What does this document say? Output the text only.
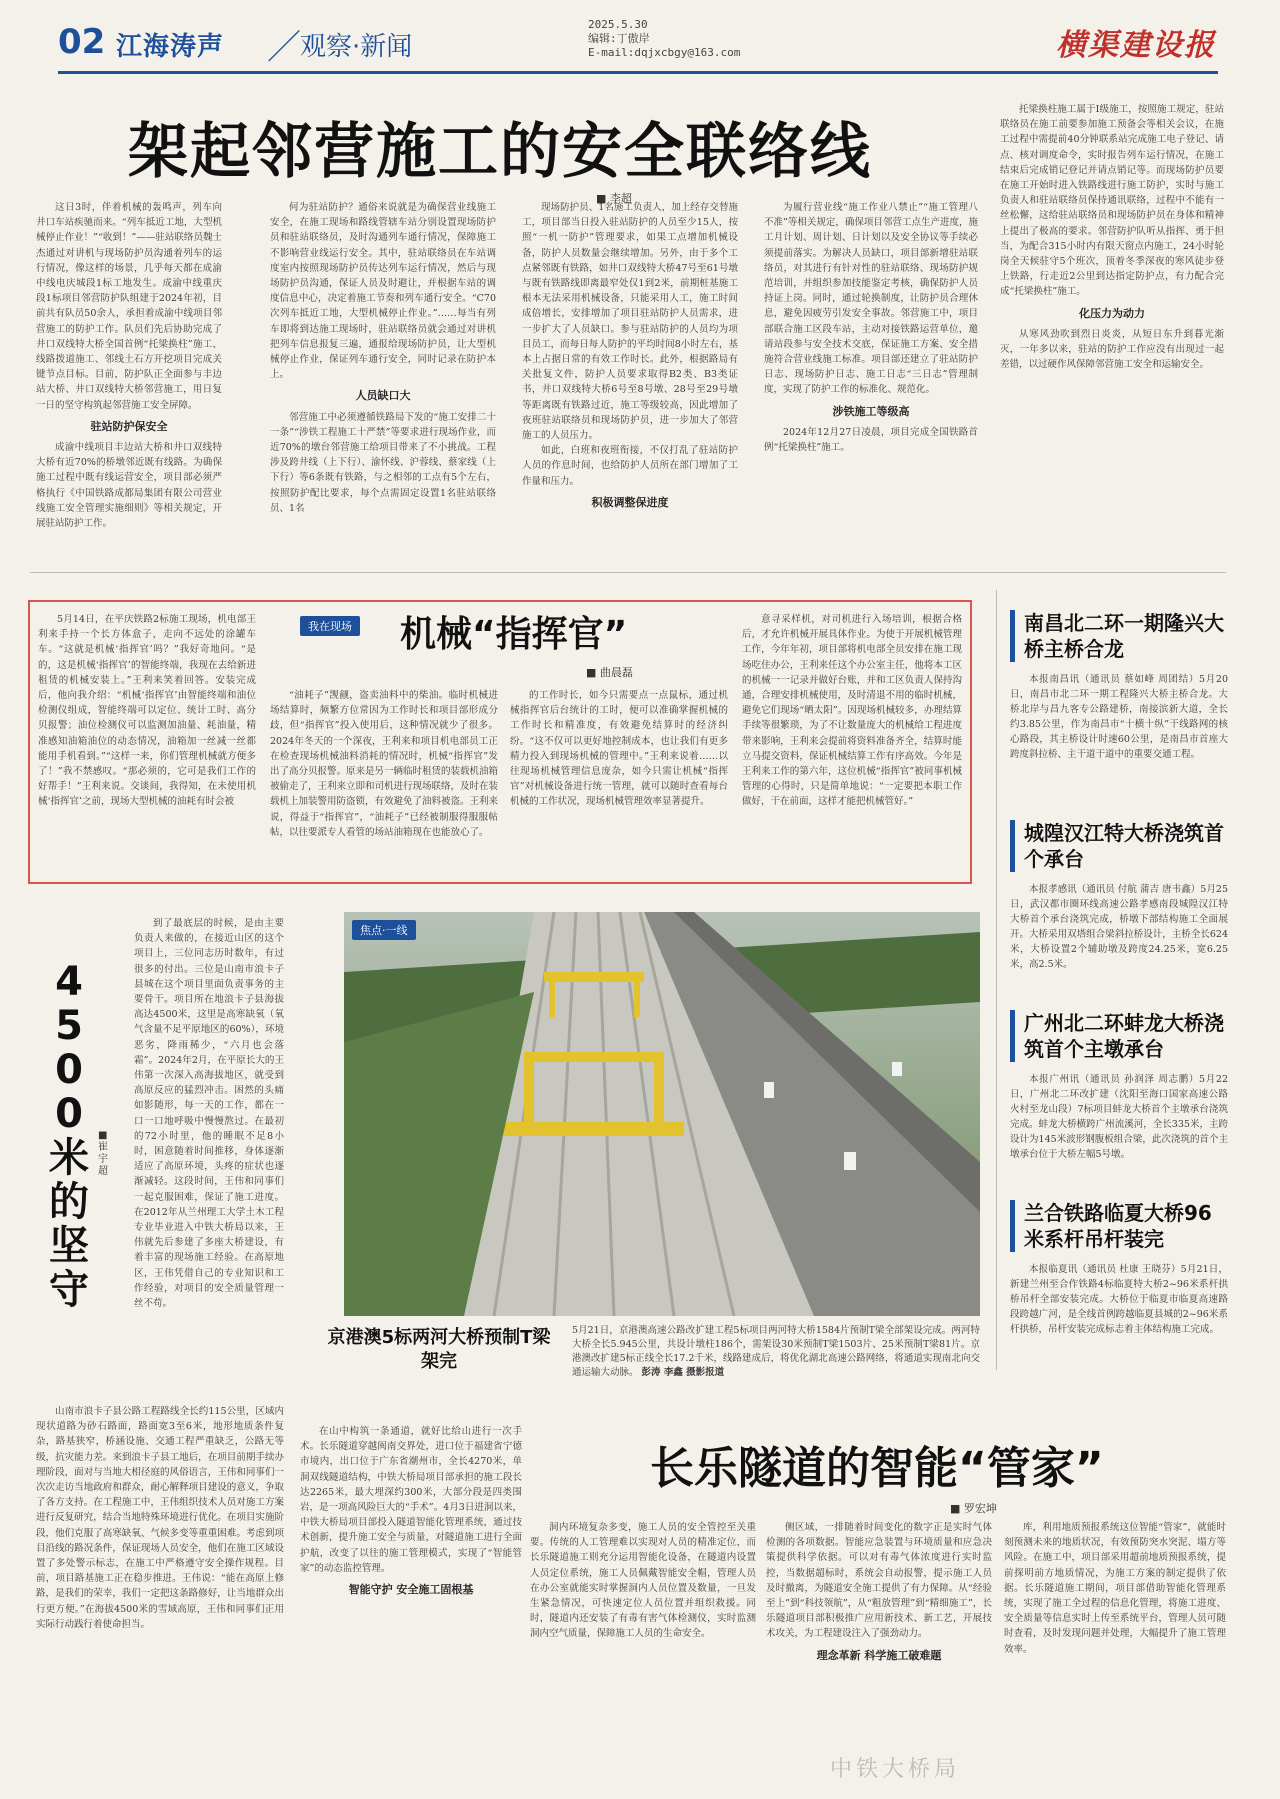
02 江海涛声 ／ 观察·新闻
2025.5.30
编辑:丁傲岸
E-mail:dqjxcbgy@163.com	横渠建设报
架起邻营施工的安全联络线
■ 李超

这日3时，伴着机械的轰鸣声，列车向井口车站疾驰而来。“列车抵近工地，大型机械停止作业！”“收到！”——驻站联络员魏士杰通过对讲机与现场防护员沟通着列车的运行情况，像这样的场景，几乎每天都在成渝中线电庆城段1标工地发生。成渝中线重庆段1标项目邻营防护队组建于2024年初，目前共有队员50余人，承担着成渝中线项目邻营施工的防护工作。队员们先后协助完成了井口双线特大桥全国首例“托梁换柱”施工、线路拨道施工、邻线土石方开挖项目完成关键节点目标。目前，防护队正全面参与丰边站大桥、井口双线特大桥邻营施工，用日复一日的坚守构筑起邻营施工安全屏障。

驻站防护保安全

成渝中线项目丰边站大桥和井口双线特大桥有近70%的桥墩邻近既有线路。为确保施工过程中既有线运营安全，项目部必须严格执行《中国铁路成都局集团有限公司营业线施工安全管理实施细则》等相关规定，开展驻站防护工作。

何为驻站防护？通俗来说就是为确保营业线施工安全，在施工现场和路线管辖车站分别设置现场防护员和驻站联络员，及时沟通列车通行情况，保障施工不影响营业线运行安全。其中，驻站联络员在车站调度室内按照现场防护员传达列车运行情况，然后与现场防护员沟通，保证人员及时避让，并根据车站的调度信息中心，决定着施工节奏和列车通行安全。“C70次列车抵近工地，大型机械停止作业。”……每当有列车即将到达施工现场时，驻站联络员就会通过对讲机把列车信息报复三遍，通报给现场防护员，让大型机械停止作业，保证列车通行安全，同时记录在防护本上。

人员缺口大

邻营施工中必须遵循铁路局下发的“施工安排二十一条”“涉铁工程施工十严禁”等要求进行现场作业，而近70%的墩台邻营施工给项目带来了不小挑战。工程涉及跨井线（上下行）、渝怀线、沪蓉线、蔡家线（上下行）等6条既有铁路，与之相邻的工点有5个左右，按照防护配比要求，每个点需固定设置1名驻站联络员、1名

现场防护员、1名施工负责人，加上经存交替施工，项目部当日投入驻站防护的人员至少15人，按照“一机一防护”管理要求，如果工点增加机械设备，防护人员数量会继续增加。另外，由于多个工点紧邻既有铁路，如井口双线特大桥47号至61号墩与既有铁路线即离最窄处仅1到2米，前期桩基施工根本无法采用机械设备，只能采用人工，施工时间成倍增长，安排增加了项目驻站防护人员需求，进一步扩大了人员缺口。参与驻站防护的人员均为项目员工，而每日每人防护的平均时间8小时左右，基本上占据日常的有效工作时长。此外，根据路局有关批复文件，防护人员要求取得B2类、B3类证书，井口双线特大桥6号至8号墩、28号至29号墩等距离既有铁路过近，施工等级较高，因此增加了夜班驻站联络员和现场防护员，进一步加大了邻营施工的人员压力。

如此，白班和夜班衔接，不仅打乱了驻站防护人员的作息时间，也给防护人员所在部门增加了工作量和压力。

积极调整保进度

为履行营业线“施工作业八禁止”“施工管理八不准”等相关规定，确保项目邻营工点生产进度，施工月计划、周计划、日计划以及安全协议等手续必须提前落实。为解决人员缺口，项目部新增驻站联络员，对其进行有针对性的驻站联络、现场防护规范培训，并组织参加技能鉴定考核，确保防护人员持证上岗。同时，通过轮换制度，让防护员合理休息，避免因疲劳引发安全事故。邻营施工中，项目部联合施工区段车站，主动对接铁路运营单位，邀请站段参与安全技术交底，保证施工方案、安全措施符合营业线施工标准。项目部还建立了驻站防护日志、现场防护日志、施工日志“三日志”管理制度，实现了防护工作的标准化、规范化。

涉铁施工等级高

2024年12月27日凌晨，项目完成全国铁路首例“托梁换柱”施工。

托梁换柱施工属于Ⅰ级施工，按照施工规定，驻站联络员在施工前要参加施工预备会等相关会议，在施工过程中需提前40分钟联系站完成施工电子登记、请点、核对调度命令，实时报告列车运行情况，在施工结束后完成销记登记并请点销记等。而现场防护员要在施工开始时进入铁路线进行施工防护，实时与施工负责人和驻站联络员保持通讯联络，过程中不能有一丝松懈，这给驻站联络员和现场防护员在身体和精神上提出了极高的要求。邻营防护队听从指挥、勇于担当，为配合315小时内有限天窗点内施工，24小时轮岗全天候驻守5个班次，顶着冬季深夜的寒风徒步登上铁路，行走近2公里到达指定防护点，有力配合完成“托梁换柱”施工。

化压力为动力

从寒风劲吹到烈日炎炎，从短日东升到暮光渐灭，一年多以来，驻站的防护工作应没有出现过一起差错，以过硬作风保障邻营施工安全和运输安全。

我在现场 机械“指挥官”
■ 曲晨磊

5月14日，在平庆铁路2标施工现场，机电部王利来手持一个长方体盒子，走向不远处的涂罐车车。“这就是机械‘指挥官’吗？”我好奇地问。“是的，这是机械‘指挥官’的智能终端，我现在去给新进租赁的机械安装上。”王利来笑着回答。安装完成后，他向我介绍：“机械‘指挥官’由智能终端和油位检测仪组成，智能终端可以定位、统计工时、高分贝报警；油位检测仪可以监测加油量、耗油量，精准感知油箱油位的动态情况，油箱加一丝减一丝都能用手机看到。”“这样一来，你们管理机械就方便多了！”我不禁感叹。“那必须的，它可是我们工作的好帮手！”王利来说。交谈间，我得知，在未使用机械‘指挥官’之前，现场大型机械的油耗有时会被

“油耗子”觊觎，盗卖油料中的柴油。临时机械进场结算时，频繁方位常因为工作时长和项目部形成分歧，但“指挥官”投入使用后，这种情况就少了很多。2024年冬天的一个深夜，王利来和项目机电部员工正在检查现场机械油料消耗的情况时，机械“指挥官”发出了高分贝报警。原来是另一辆临时租赁的装载机油箱被偷走了，王利来立即和司机进行现场联络，及时在装载机上加装警用防盗锁，有效避免了油料被盗。王利来说，得益于“指挥官”，“油耗子”已经被制服得服服帖帖，以往要派专人看管的场站油箱现在也能放心了。

的工作时长，如今只需要点一点鼠标，通过机械指挥官后台统计的工时，便可以准确掌握机械的工作时长和精准度，有效避免结算时的经济纠纷。“这不仅可以更好地控制成本，也让我们有更多精力投入到现场机械的管理中。”王利来说着……以往现场机械管理信息庞杂，如今只需让机械“指挥官”对机械设备进行统一管理，就可以随时查看每台机械的工作状况，现场机械管理效率显著提升。

意寻采样机，对司机进行入场培训，根据合格后，才允许机械开展具体作业。为使于开展机械管理工作，今年年初，项目部将机电部全员安排在施工现场吃住办公，王利来任这个办公室主任，他将本工区的机械一一记录并做好台账，并和工区负责人保持沟通，合理安排机械使用，及时清退不用的临时机械，避免它们现场“晒太阳”。因现场机械较多，办理结算手续等很繁琐，为了不让数量庞大的机械给工程进度带来影响，王利来会提前将资料准备齐全，结算时能立马提交资料，保证机械结算工作有序高效。今年是王利来工作的第六年，这位机械“指挥官”被同事机械管理的心得时，只是简单地说：“一定要把本职工作做好，干在前面，这样才能把机械管好。”

南昌北二环一期隆兴大桥主桥合龙

本报南昌讯（通讯员 蔡如峰 周团结）5月20日，南昌市北二环一期工程隆兴大桥主桥合龙。大桥北岸与昌九客专公路建桥，南接滨新大道，全长约3.85公里，作为南昌市“十横十纵”干线路网的核心路段，其主桥设计时速60公里，是南昌市首座大跨度斜拉桥、主干道干道中的重要交通工程。

城隍汉江特大桥浇筑首个承台

本报孝感讯（通讯员 付航 蒲吉 唐韦鑫）5月25日，武汉都市圈环线高速公路孝感南段城隍汉江特大桥首个承台浇筑完成，桥墩下部结构施工全面展开。大桥采用双塔组合梁斜拉桥设计，主桥全长624米，大桥设置2个辅助墩及跨度24.25米，宽6.25米，高2.5米。

广州北二环蚌龙大桥浇筑首个主墩承台

本报广州讯（通讯员 孙润泽 周志鹏）5月22日，广州北二环改扩建（沈阳至海口国家高速公路火村至龙山段）7标项目蚌龙大桥首个主墩承台浇筑完成。蚌龙大桥横跨广州流溪河，全长335米，主跨设计为145米波形钢腹板组合梁，此次浇筑的首个主墩承台位于大桥左幅5号墩。

兰合铁路临夏大桥96米系杆吊杆装完

本报临夏讯（通讯员 杜康 王晓芬）5月21日，新建兰州至合作铁路4标临夏特大桥2~96米系杆拱桥吊杆全部安装完成。大桥位于临夏市临夏高速路段跨越广河，是全线首例跨越临夏县城的2~96米系杆拱桥，吊杆安装完成标志着主体结构施工完成。

4500米的坚守
■ 崔宇超

到了最底层的时候，是由主要负责人来做的，在接近山区的这个项目上，三位同志历时数年，有过很多的付出。三位是山南市浪卡子县城在这个项目里面负责事务的主要骨干。项目所在地浪卡子县海拔高达4500米，这里是高寒缺氧（氧气含量不足平原地区的60%），环境恶劣，降雨稀少，“六月也会落霜”。2024年2月，在平原长大的王伟第一次深入高海拔地区，就受到高原反应的猛烈冲击。困然的头痛如影随形，每一天的工作，都在一口一口地呼吸中慢慢熬过。在最初的72小时里，他的睡眠不足8小时，困意随着时间推移，身体逐渐适应了高原环境，头疼的症状也逐渐减轻。这段时间，王伟和同事们一起克服困难，保证了施工进度。在2012年从兰州理工大学土木工程专业毕业进入中铁大桥局以来，王伟就先后参建了多座大桥建设，有着丰富的现场施工经验。在高原地区，王伟凭借自己的专业知识和工作经验，对项目的安全质量管理一丝不苟。

山南市浪卡子县公路工程路线全长约115公里，区域内现状道路为砂石路面，路面宽3至6米，地形地质条件复杂，路基狭窄，桥涵设施、交通工程严重缺乏，公路无等级，抗灾能力差。来到浪卡子县工地后，在项目前期手续办理阶段，面对与当地大相径庭的风俗语言，王伟和同事们一次次走访当地政府和群众，耐心解释项目建设的意义，争取了各方支持。在工程施工中，王伟组织技术人员对施工方案进行反复研究，结合当地特殊环境进行优化。在项目实施阶段，他们克服了高寒缺氧、气候多变等重重困难。考虑到项目沿线的路况条件，保证现场人员安全，他们在施工区域设置了多处警示标志，在施工中严格遵守安全操作规程。目前，项目路基施工正在稳步推进。王伟说：“能在高原上修路，是我们的荣幸，我们一定把这条路修好，让当地群众出行更方便。”在海拔4500米的雪域高原，王伟和同事们正用实际行动践行着使命担当。

焦点·一线
京港澳5标两河大桥预制T梁架完
5月21日，京港澳高速公路改扩建工程5标项目两河特大桥1584片预制T梁全部架设完成。两河特大桥全长5.945公里，共设计墩柱186个，需架设30米预制T梁1503片、25米预制T梁81片。京港澳改扩建5标正线全长17.2千米，线路建成后，将优化湖北高速公路网络，将通道实现南北向交通运输大动脉。 彭涛 李鑫 摄影报道
长乐隧道的智能“管家”
■ 罗宏坤

在山中构筑一条通道，就好比给山进行一次手术。长乐隧道穿越闽南交界处，进口位于福建省宁德市境内，出口位于广东省潮州市，全长4270米，单洞双线隧道结构，中铁大桥局项目部承担的施工段长达2265米，最大埋深约300米，大部分段是四类围岩，是一项高风险巨大的“手术”。4月3日进洞以来，中铁大桥局项目部投入隧道智能化管理系统，通过技术创新，提升施工安全与质量，对隧道施工进行全面护航，改变了以往的施工管理模式，实现了“智能管家”的动态监控管理。

智能守护 安全施工固根基

洞内环境复杂多变，施工人员的安全管控至关重要。传统的人工管理难以实现对人员的精准定位，而长乐隧道施工则充分运用智能化设备，在隧道内设置人员定位系统，施工人员佩戴智能安全帽，管理人员在办公室就能实时掌握洞内人员位置及数量，一旦发生紧急情况，可快速定位人员位置并组织救援。同时，隧道内还安装了有毒有害气体检测仪，实时监测洞内空气质量，保障施工人员的生命安全。

侧区域，一排随着时间变化的数字正是实时气体检测的各项数据。智能应急装置与环境质量和应急决策提供科学依据。可以对有毒气体浓度进行实时监控，当数据超标时，系统会自动报警，提示施工人员及时撤离，为隧道安全施工提供了有力保障。从“经验至上”到“科技领航”，从“粗放管理”到“精细施工”，长乐隧道项目部积极推广应用新技术、新工艺，开展技术攻关，为工程建设注入了强劲动力。

理念革新 科学施工破难题

库，利用地质预报系统这位智能“管家”，就能时刻预测未来的地质状况，有效预防突水突泥、塌方等风险。在施工中，项目部采用超前地质预报系统，提前探明前方地质情况，为施工方案的制定提供了依据。长乐隧道施工期间，项目部借助智能化管理系统，实现了施工全过程的信息化管理，将施工进度、安全质量等信息实时上传至系统平台，管理人员可随时查看，及时发现问题并处理，大幅提升了施工管理效率。

中铁大桥局
